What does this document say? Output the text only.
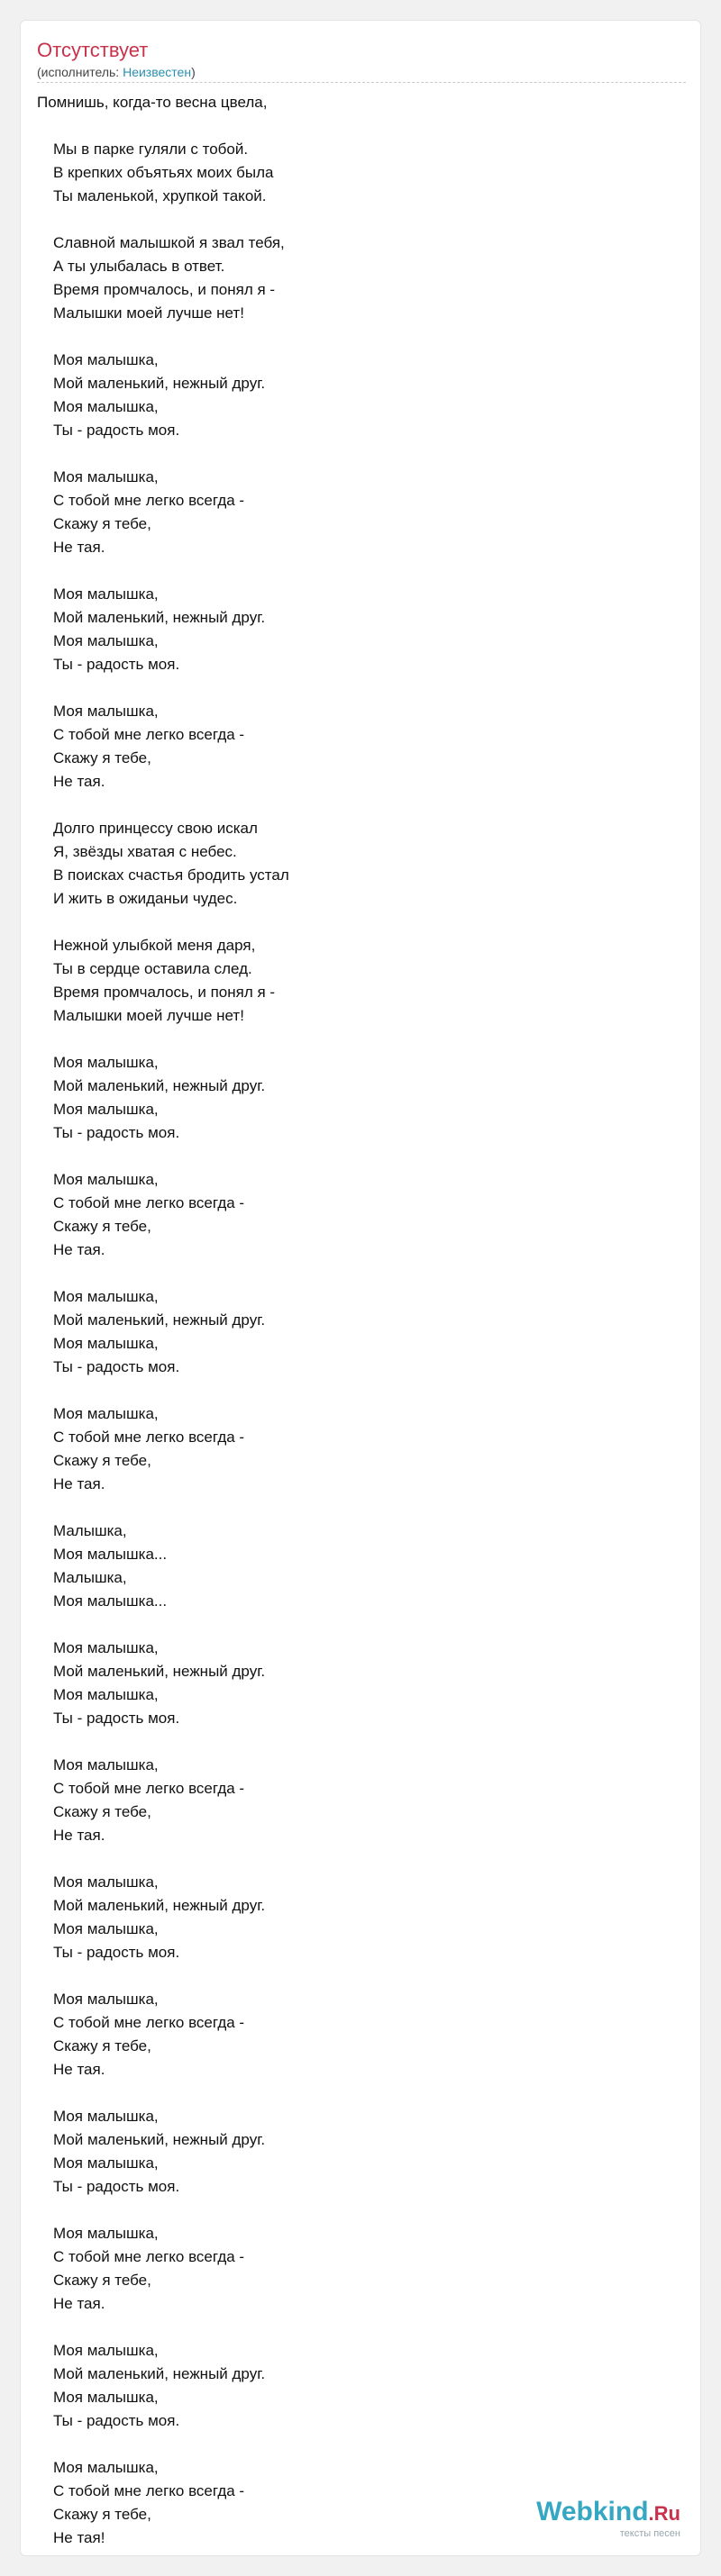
Отсутствует
(исполнитель: Неизвестен)
Помнишь, когда-то весна цвела,
Мы в парке гуляли с тобой.
В крепких объятьях моих была
Ты маленькой, хрупкой такой.
Славной малышкой я звал тебя,
А ты улыбалась в ответ.
Время промчалось, и понял я -
Малышки моей лучше нет!
Моя малышка,
Мой маленький, нежный друг.
Моя малышка,
Ты - радость моя.
Моя малышка,
С тобой мне легко всегда -
Скажу я тебе,
Не тая.
Моя малышка,
Мой маленький, нежный друг.
Моя малышка,
Ты - радость моя.
Моя малышка,
С тобой мне легко всегда -
Скажу я тебе,
Не тая.
Долго принцессу свою искал
Я, звёзды хватая с небес.
В поисках счастья бродить устал
И жить в ожиданьи чудес.
Нежной улыбкой меня даря,
Ты в сердце оставила след.
Время промчалось, и понял я -
Малышки моей лучше нет!
Моя малышка,
Мой маленький, нежный друг.
Моя малышка,
Ты - радость моя.
Моя малышка,
С тобой мне легко всегда -
Скажу я тебе,
Не тая.
Моя малышка,
Мой маленький, нежный друг.
Моя малышка,
Ты - радость моя.
Моя малышка,
С тобой мне легко всегда -
Скажу я тебе,
Не тая.
Малышка,
Моя малышка...
Малышка,
Моя малышка...
Моя малышка,
Мой маленький, нежный друг.
Моя малышка,
Ты - радость моя.
Моя малышка,
С тобой мне легко всегда -
Скажу я тебе,
Не тая.
Моя малышка,
Мой маленький, нежный друг.
Моя малышка,
Ты - радость моя.
Моя малышка,
С тобой мне легко всегда -
Скажу я тебе,
Не тая.
Моя малышка,
Мой маленький, нежный друг.
Моя малышка,
Ты - радость моя.
Моя малышка,
С тобой мне легко всегда -
Скажу я тебе,
Не тая.
Моя малышка,
Мой маленький, нежный друг.
Моя малышка,
Ты - радость моя.
Моя малышка,
С тобой мне легко всегда -
Скажу я тебе,
Не тая!
Webkind.Ru
тексты песен
